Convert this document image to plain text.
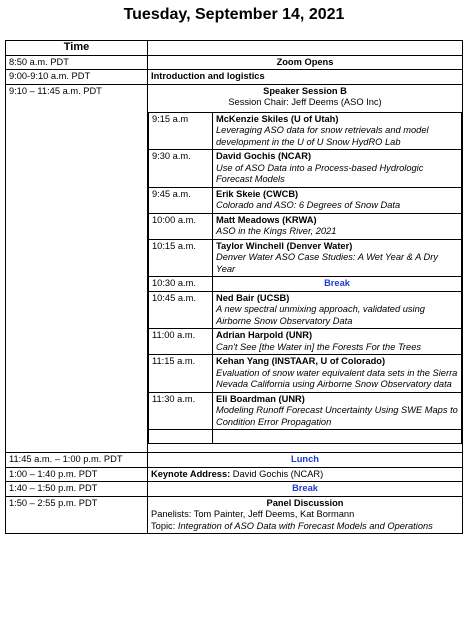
Tuesday, September 14, 2021
Time	
8:50 a.m. PDT	Zoom Opens
9:00-9:10 a.m. PDT	Introduction and logistics
9:10 – 11:45 a.m. PDT	Speaker Session B
Session Chair: Jeff Deems (ASO Inc)
9:15 a.m	McKenzie Skiles (U of Utah)
Leveraging ASO data for snow retrievals and model development in the U of U Snow HydRO Lab

9:30 a.m.	David Gochis (NCAR)
Use of ASO Data into a Process-based Hydrologic Forecast Models

9:45 a.m.	Erik Skeie (CWCB)
Colorado and ASO: 6 Degrees of Snow Data

10:00 a.m.	Matt Meadows (KRWA)
ASO in the Kings River, 2021

10:15 a.m.	Taylor Winchell (Denver Water)
Denver Water ASO Case Studies: A Wet Year & A Dry Year

10:30 a.m.	Break
10:45 a.m.	Ned Bair (UCSB)
A new spectral unmixing approach, validated using Airborne Snow Observatory Data

11:00 a.m.	Adrian Harpold (UNR)
Can't See [the Water in] the Forests For the Trees

11:15 a.m.	Kehan Yang (INSTAAR, U of Colorado)
Evaluation of snow water equivalent data sets in the Sierra Nevada California using Airborne Snow Observatory data

11:30 a.m.	Eli Boardman (UNR)
Modeling Runoff Forecast Uncertainty Using SWE Maps to Condition Error Propagation

11:45 a.m. – 1:00 p.m. PDT	Lunch
1:00 – 1:40 p.m. PDT	Keynote Address: David Gochis (NCAR)
1:40 – 1:50 p.m. PDT	Break
1:50 – 2:55 p.m. PDT	Panel Discussion
Panelists: Tom Painter, Jeff Deems, Kat Bormann
Topic: Integration of ASO Data with Forecast Models and Operations
